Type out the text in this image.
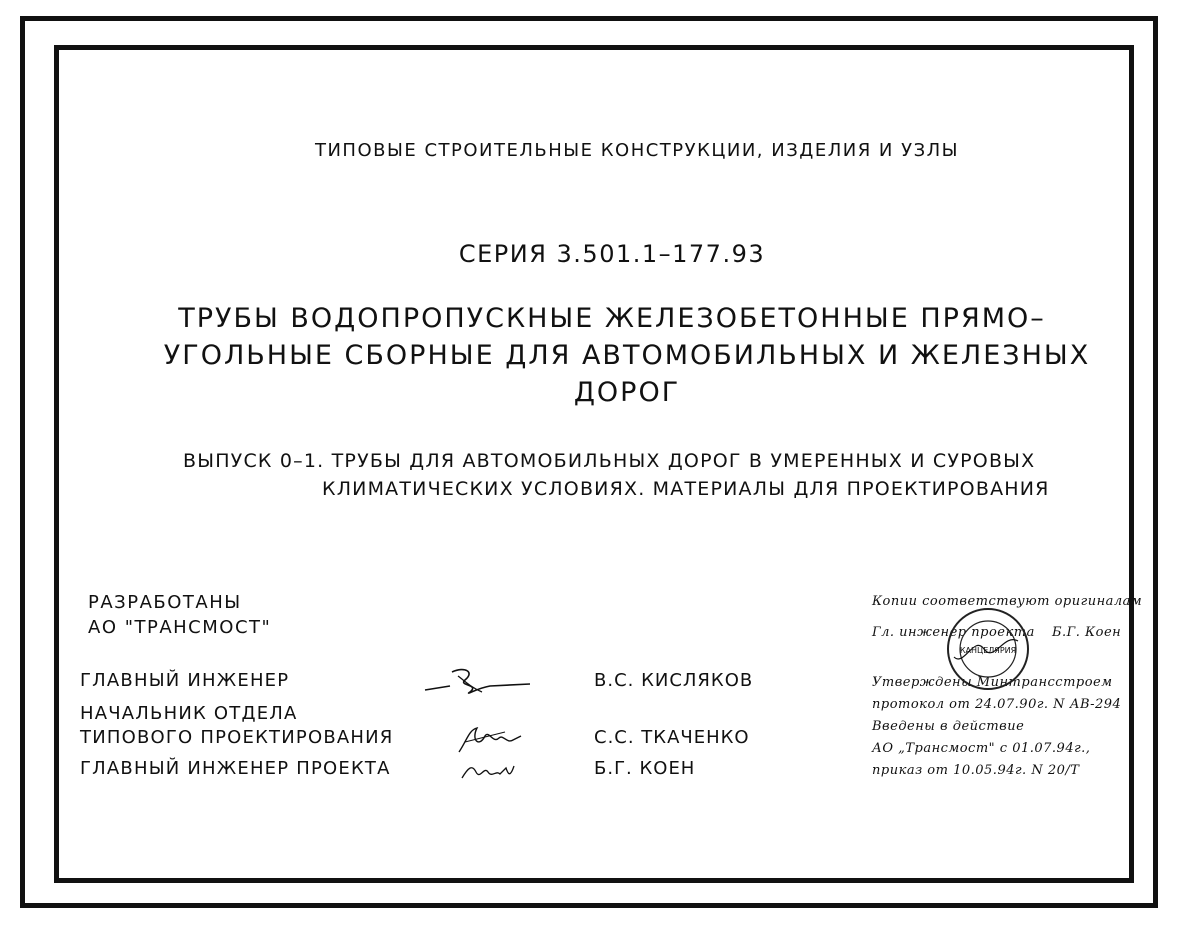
ТИПОВЫЕ СТРОИТЕЛЬНЫЕ КОНСТРУКЦИИ, ИЗДЕЛИЯ И УЗЛЫ
СЕРИЯ 3.501.1–177.93
ТРУБЫ ВОДОПРОПУСКНЫЕ ЖЕЛЕЗОБЕТОННЫЕ ПРЯМО–
УГОЛЬНЫЕ СБОРНЫЕ ДЛЯ АВТОМОБИЛЬНЫХ И ЖЕЛЕЗНЫХ
ДОРОГ
ВЫПУСК 0–1. ТРУБЫ ДЛЯ АВТОМОБИЛЬНЫХ ДОРОГ В УМЕРЕННЫХ И СУРОВЫХ
КЛИМАТИЧЕСКИХ УСЛОВИЯХ. МАТЕРИАЛЫ ДЛЯ ПРОЕКТИРОВАНИЯ
РАЗРАБОТАНЫ
АО "ТРАНСМОСТ"
ГЛАВНЫЙ ИНЖЕНЕР
НАЧАЛЬНИК ОТДЕЛА
ТИПОВОГО ПРОЕКТИРОВАНИЯ
ГЛАВНЫЙ ИНЖЕНЕР ПРОЕКТА
В.С. КИСЛЯКОВ
С.С. ТКАЧЕНКО
Б.Г. КОЕН
Копии соответствуют оригиналам
Гл. инженер проекта Б.Г. Коен
Утверждены Минтрансстроем
протокол от 24.07.90г. N АВ-294
Введены в действие
АО „Трансмост" с 01.07.94г.,
приказ от 10.05.94г. N 20/Т
КАНЦЕЛЯРИЯ
